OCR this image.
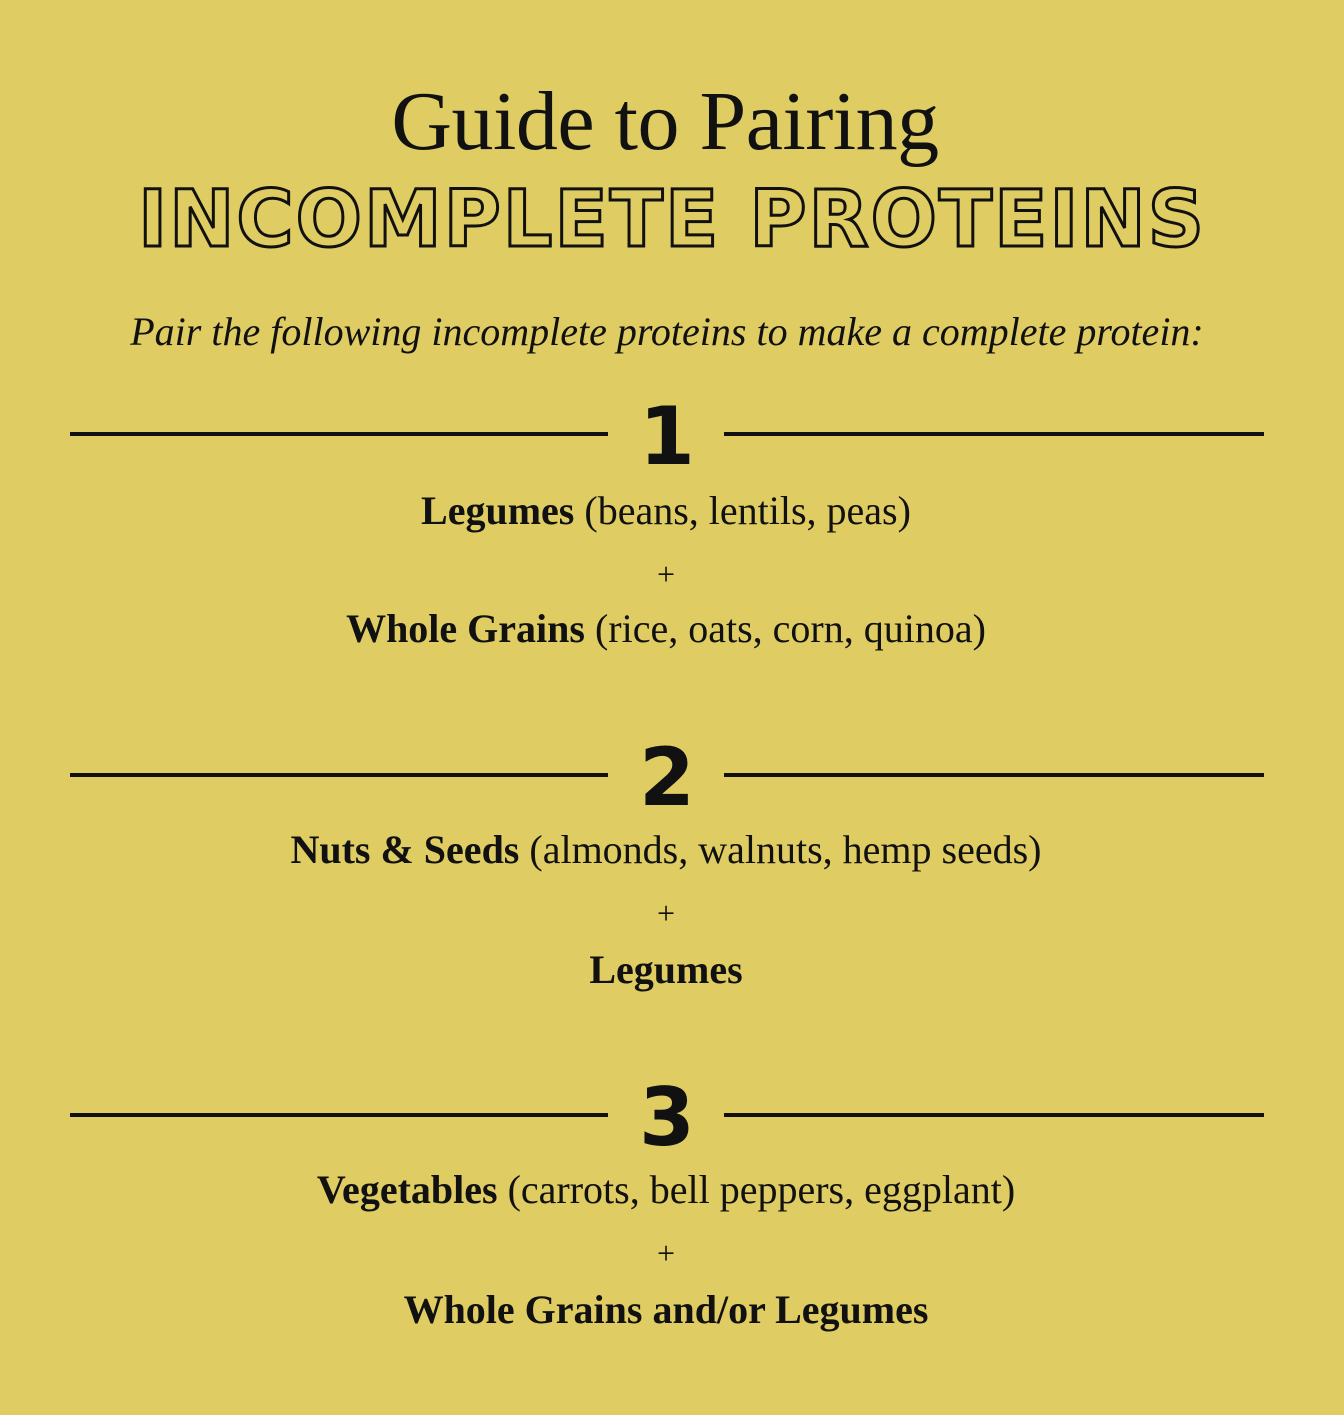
Guide to Pairing
INCOMPLETE PROTEINS
Pair the following incomplete proteins to make a complete protein:
1
Legumes (beans, lentils, peas)
+
Whole Grains (rice, oats, corn, quinoa)
2
Nuts & Seeds (almonds, walnuts, hemp seeds)
+
Legumes
3
Vegetables (carrots, bell peppers, eggplant)
+
Whole Grains and/or Legumes
